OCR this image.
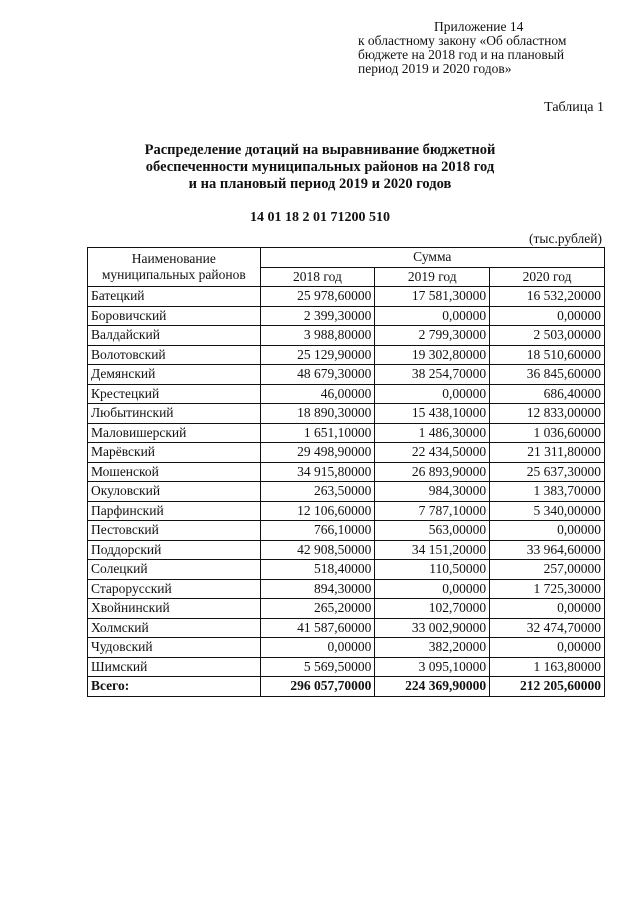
Приложение 14
к областному закону «Об областном
бюджете на 2018 год и на плановый
период 2019 и 2020 годов»
Таблица 1
Распределение дотаций на выравнивание бюджетной
обеспеченности муниципальных районов на 2018 год
и на плановый период 2019 и 2020 годов
14 01 18 2 01 71200 510
(тыс.рублей)
Наименование муниципальных районов	Сумма		
	2018 год	2019 год	2020 год
Батецкий	25 978,60000	17 581,30000	16 532,20000
Боровичский	2 399,30000	0,00000	0,00000
Валдайский	3 988,80000	2 799,30000	2 503,00000
Волотовский	25 129,90000	19 302,80000	18 510,60000
Демянский	48 679,30000	38 254,70000	36 845,60000
Крестецкий	46,00000	0,00000	686,40000
Любытинский	18 890,30000	15 438,10000	12 833,00000
Маловишерский	1 651,10000	1 486,30000	1 036,60000
Марёвский	29 498,90000	22 434,50000	21 311,80000
Мошенской	34 915,80000	26 893,90000	25 637,30000
Окуловский	263,50000	984,30000	1 383,70000
Парфинский	12 106,60000	7 787,10000	5 340,00000
Пестовский	766,10000	563,00000	0,00000
Поддорский	42 908,50000	34 151,20000	33 964,60000
Солецкий	518,40000	110,50000	257,00000
Старорусский	894,30000	0,00000	1 725,30000
Хвойнинский	265,20000	102,70000	0,00000
Холмский	41 587,60000	33 002,90000	32 474,70000
Чудовский	0,00000	382,20000	0,00000
Шимский	5 569,50000	3 095,10000	1 163,80000
Всего:	296 057,70000	224 369,90000	212 205,60000
